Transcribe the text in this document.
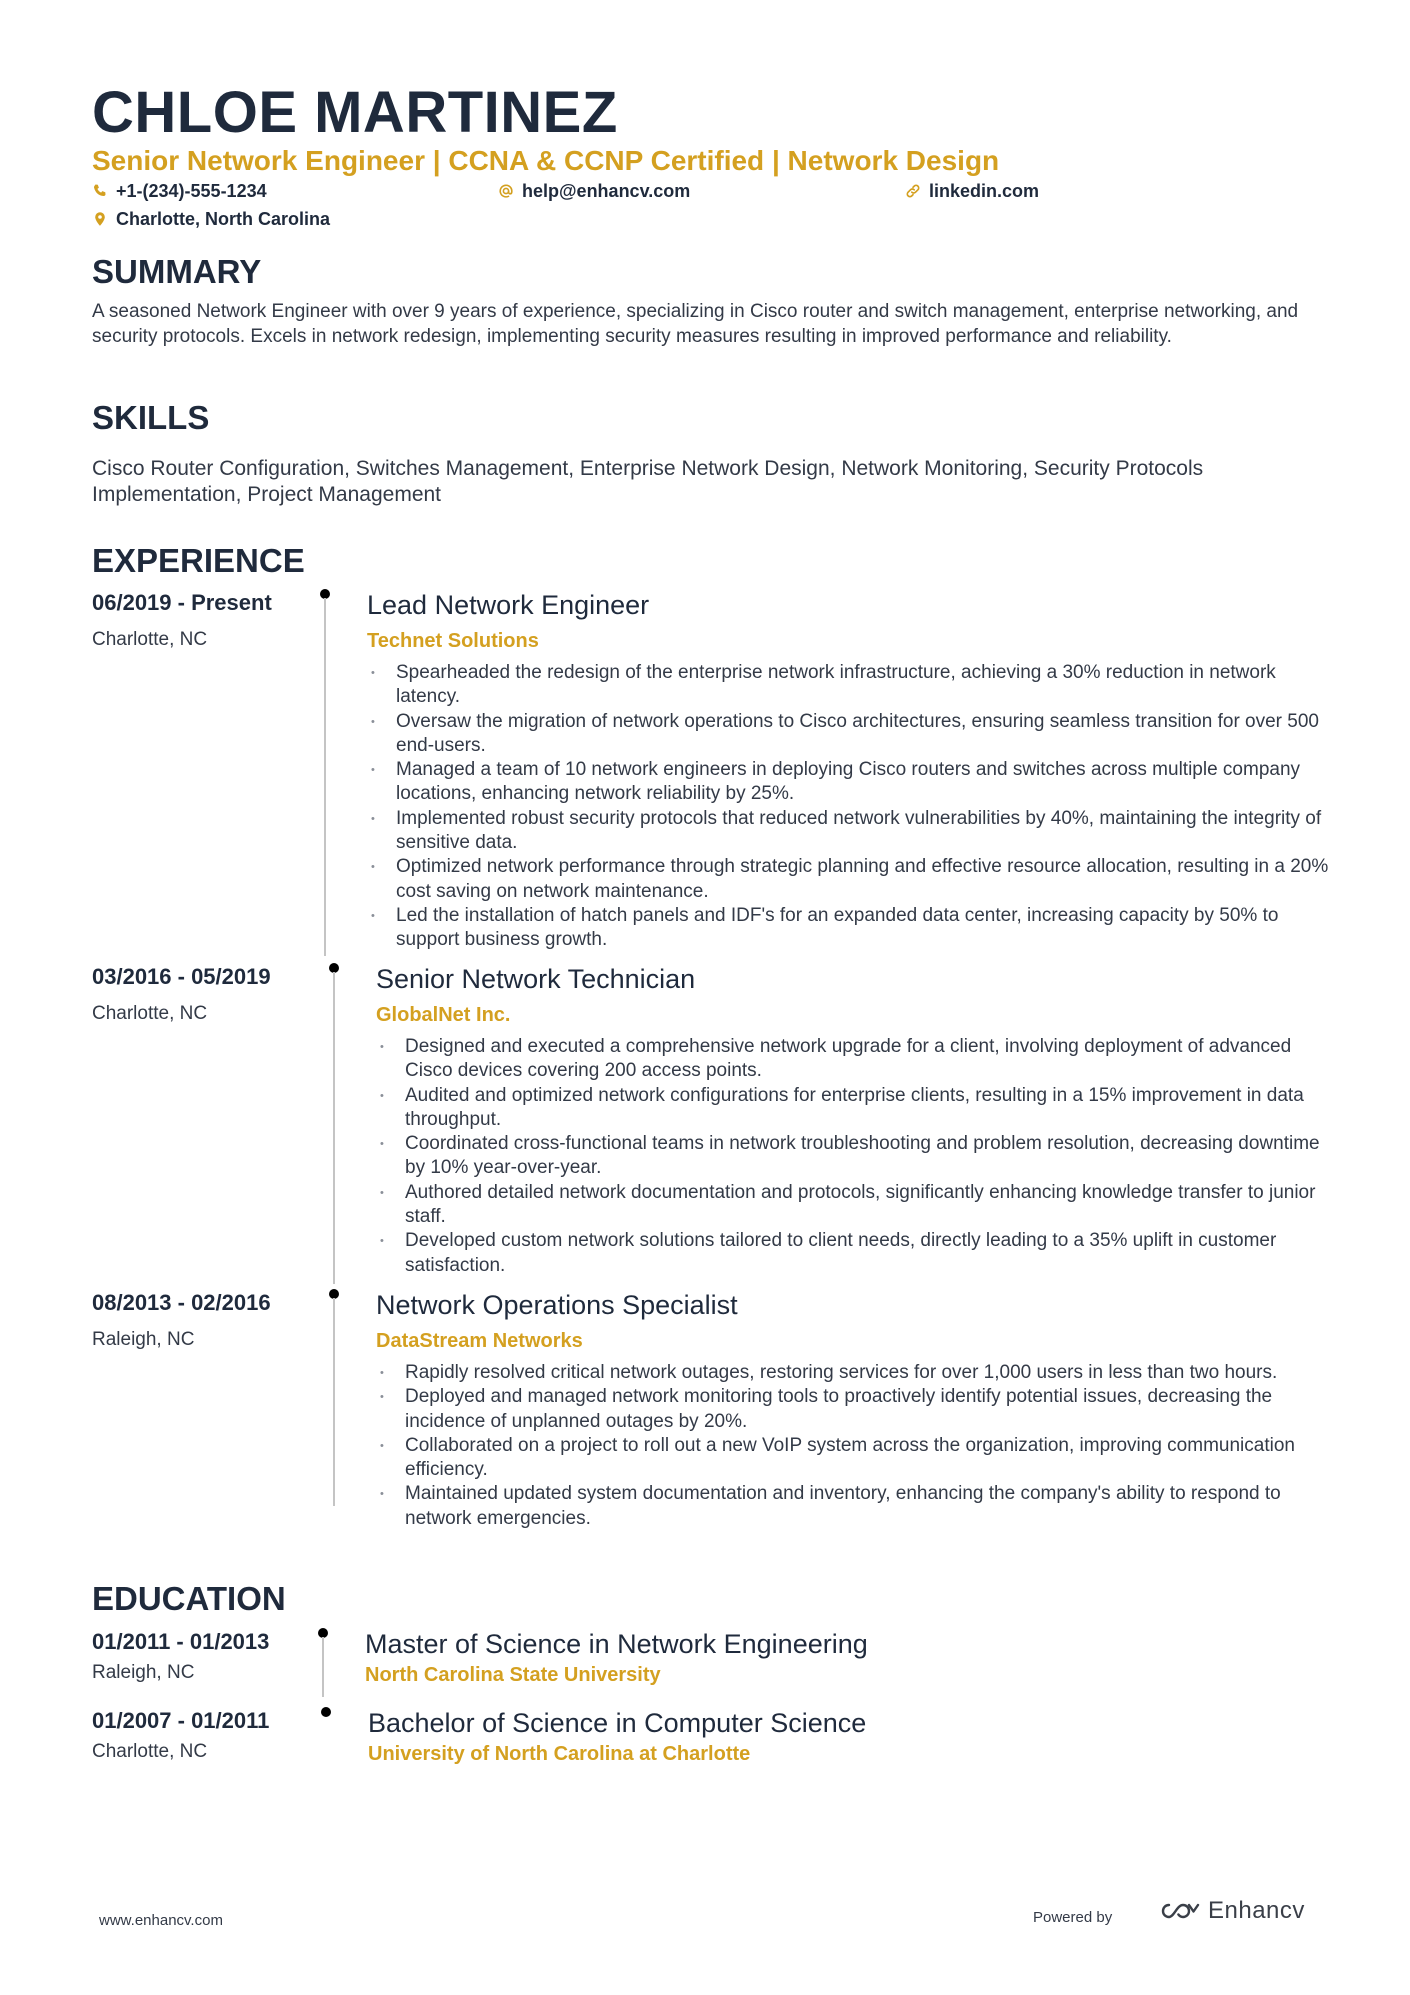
CHLOE MARTINEZ
Senior Network Engineer | CCNA & CCNP Certified | Network Design
+1-(234)-555-1234	help@enhancv.com	linkedin.com
Charlotte, North Carolina
SUMMARY
A seasoned Network Engineer with over 9 years of experience, specializing in Cisco router and switch management, enterprise networking, and security protocols. Excels in network redesign, implementing security measures resulting in improved performance and reliability.
SKILLS
Cisco Router Configuration, Switches Management, Enterprise Network Design, Network Monitoring, Security Protocols Implementation, Project Management
EXPERIENCE
06/2019 - Present
Charlotte, NC
Lead Network Engineer
Technet Solutions
• Spearheaded the redesign of the enterprise network infrastructure, achieving a 30% reduction in network latency.
• Oversaw the migration of network operations to Cisco architectures, ensuring seamless transition for over 500 end-users.
• Managed a team of 10 network engineers in deploying Cisco routers and switches across multiple company locations, enhancing network reliability by 25%.
• Implemented robust security protocols that reduced network vulnerabilities by 40%, maintaining the integrity of sensitive data.
• Optimized network performance through strategic planning and effective resource allocation, resulting in a 20% cost saving on network maintenance.
• Led the installation of hatch panels and IDF's for an expanded data center, increasing capacity by 50% to support business growth.
03/2016 - 05/2019
Charlotte, NC
Senior Network Technician
GlobalNet Inc.
• Designed and executed a comprehensive network upgrade for a client, involving deployment of advanced Cisco devices covering 200 access points.
• Audited and optimized network configurations for enterprise clients, resulting in a 15% improvement in data throughput.
• Coordinated cross-functional teams in network troubleshooting and problem resolution, decreasing downtime by 10% year-over-year.
• Authored detailed network documentation and protocols, significantly enhancing knowledge transfer to junior staff.
• Developed custom network solutions tailored to client needs, directly leading to a 35% uplift in customer satisfaction.
08/2013 - 02/2016
Raleigh, NC
Network Operations Specialist
DataStream Networks
• Rapidly resolved critical network outages, restoring services for over 1,000 users in less than two hours.
• Deployed and managed network monitoring tools to proactively identify potential issues, decreasing the incidence of unplanned outages by 20%.
• Collaborated on a project to roll out a new VoIP system across the organization, improving communication efficiency.
• Maintained updated system documentation and inventory, enhancing the company's ability to respond to network emergencies.
EDUCATION
01/2011 - 01/2013
Raleigh, NC
Master of Science in Network Engineering
North Carolina State University
01/2007 - 01/2011
Charlotte, NC
Bachelor of Science in Computer Science
University of North Carolina at Charlotte
www.enhancv.com	Powered by	Enhancv
